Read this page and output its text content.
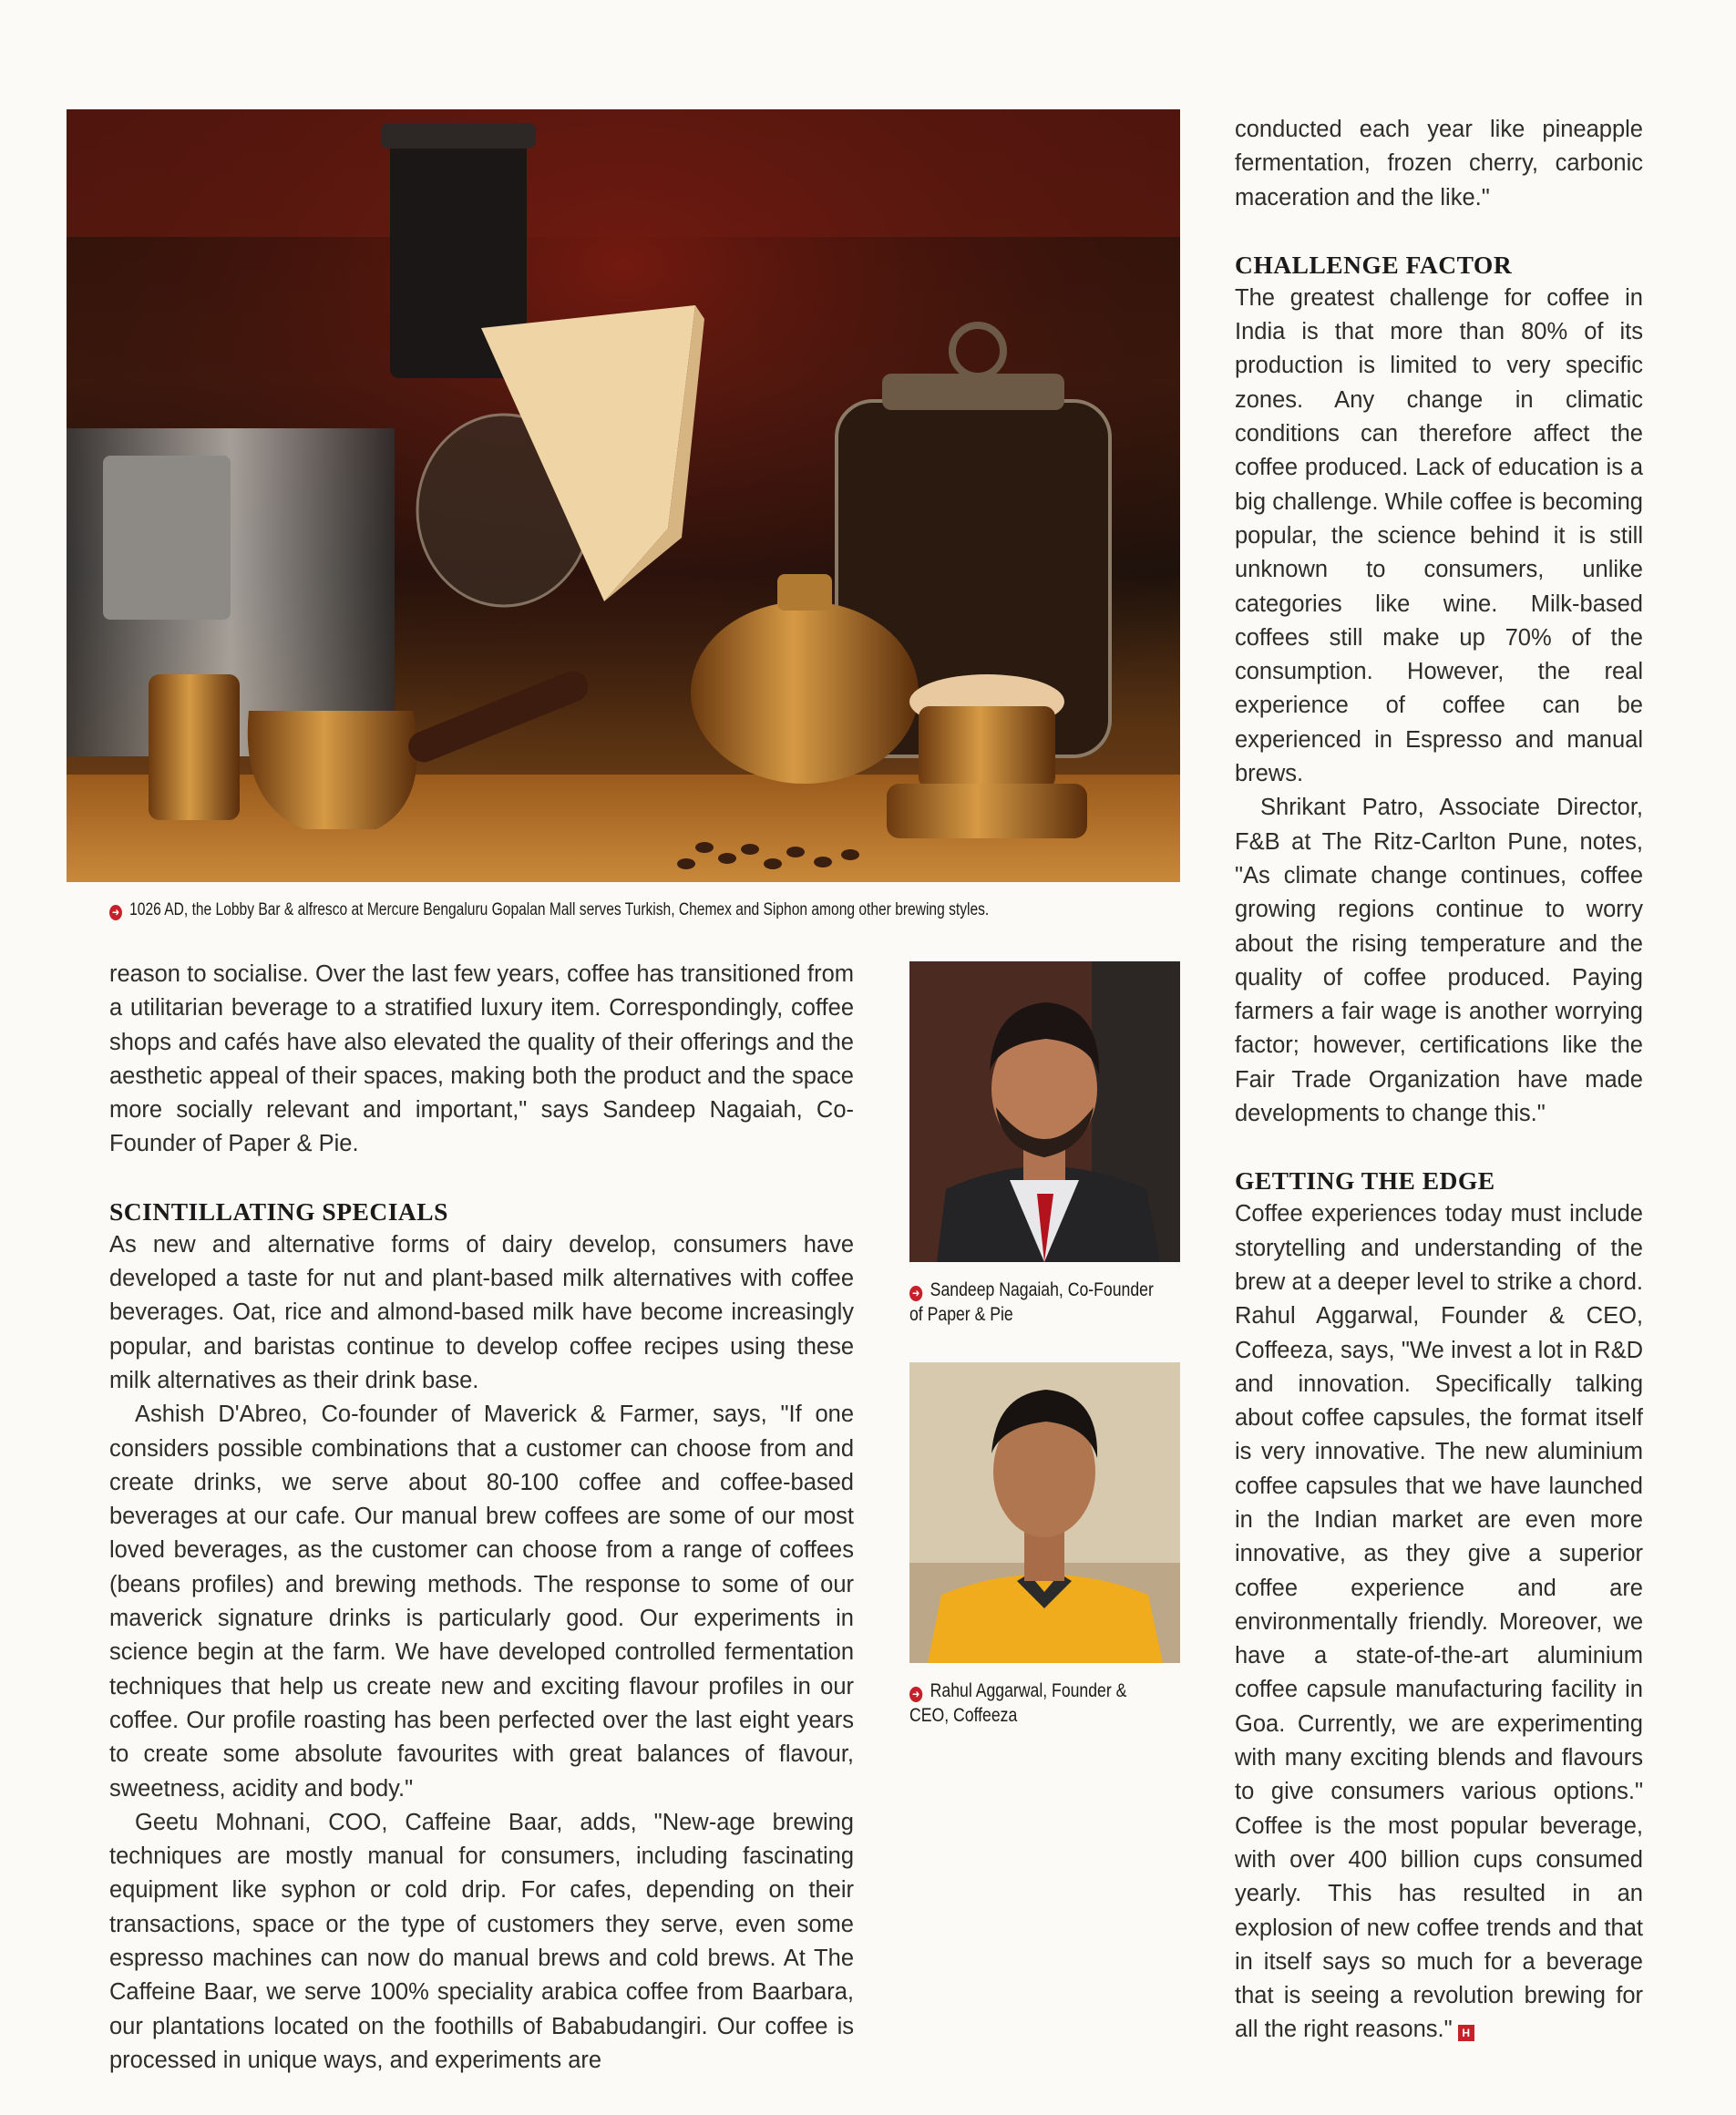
➜ 1026 AD, the Lobby Bar & alfresco at Mercure Bengaluru Gopalan Mall serves Turkish, Chemex and Siphon among other brewing styles.

reason to socialise. Over the last few years, coffee has transitioned from a utilitarian beverage to a stratified luxury item. Correspondingly, coffee shops and cafés have also elevated the quality of their offerings and the aesthetic appeal of their spaces, making both the product and the space more socially relevant and important," says Sandeep Nagaiah, Co-Founder of Paper & Pie.

SCINTILLATING SPECIALS

As new and alternative forms of dairy develop, consumers have developed a taste for nut and plant-based milk alternatives with coffee beverages. Oat, rice and almond-based milk have become increasingly popular, and baristas continue to develop coffee recipes using these milk alternatives as their drink base.

Ashish D'Abreo, Co-founder of Maverick & Farmer, says, "If one considers possible combinations that a customer can choose from and create drinks, we serve about 80-100 coffee and coffee-based beverages at our cafe. Our manual brew coffees are some of our most loved beverages, as the customer can choose from a range of coffees (beans profiles) and brewing methods. The response to some of our maverick signature drinks is particularly good. Our experiments in science begin at the farm. We have developed controlled fermentation techniques that help us create new and exciting flavour profiles in our coffee. Our profile roasting has been perfected over the last eight years to create some absolute favourites with great balances of flavour, sweetness, acidity and body."

Geetu Mohnani, COO, Caffeine Baar, adds, "New-age brewing techniques are mostly manual for consumers, including fascinating equipment like syphon or cold drip. For cafes, depending on their transactions, space or the type of customers they serve, even some espresso machines can now do manual brews and cold brews. At The Caffeine Baar, we serve 100% speciality arabica coffee from Baarbara, our plantations located on the foothills of Bababudangiri. Our coffee is processed in unique ways, and experiments are

➜ Sandeep Nagaiah, Co-Founder of Paper & Pie
➜ Rahul Aggarwal, Founder & CEO, Coffeeza

conducted each year like pineapple fermentation, frozen cherry, carbonic maceration and the like."

CHALLENGE FACTOR

The greatest challenge for coffee in India is that more than 80% of its production is limited to very specific zones. Any change in climatic conditions can therefore affect the coffee produced. Lack of education is a big challenge. While coffee is becoming popular, the science behind it is still unknown to consumers, unlike categories like wine. Milk-based coffees still make up 70% of the consumption. However, the real experience of coffee can be experienced in Espresso and manual brews.

Shrikant Patro, Associate Director, F&B at The Ritz-Carlton Pune, notes, "As climate change continues, coffee growing regions continue to worry about the rising temperature and the quality of coffee produced. Paying farmers a fair wage is another worrying factor; however, certifications like the Fair Trade Organization have made developments to change this."

GETTING THE EDGE

Coffee experiences today must include storytelling and understanding of the brew at a deeper level to strike a chord. Rahul Aggarwal, Founder & CEO, Coffeeza, says, "We invest a lot in R&D and innovation. Specifically talking about coffee capsules, the format itself is very innovative. The new aluminium coffee capsules that we have launched in the Indian market are even more innovative, as they give a superior coffee experience and are environmentally friendly. Moreover, we have a state-of-the-art aluminium coffee capsule manufacturing facility in Goa. Currently, we are experimenting with many exciting blends and flavours to give consumers various options." Coffee is the most popular beverage, with over 400 billion cups consumed yearly. This has resulted in an explosion of new coffee trends and that in itself says so much for a beverage that is seeing a revolution brewing for all the right reasons." H
